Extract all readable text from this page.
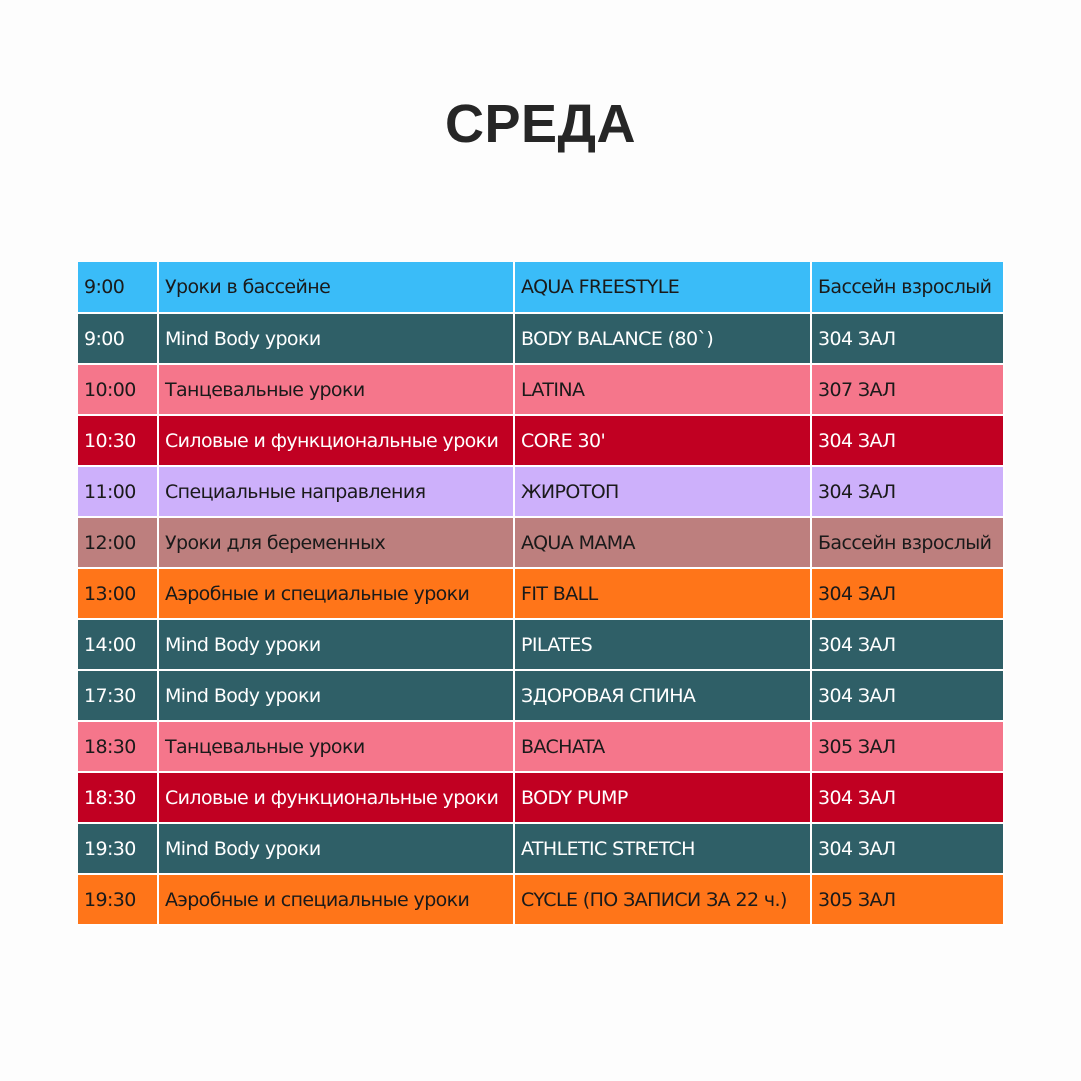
СРЕДА
9:00	Уроки в бассейне	AQUA FREESTYLE	Бассейн взрослый
9:00	Mind Body уроки	BODY BALANCE (80`)	304 ЗАЛ
10:00	Танцевальные уроки	LATINA	307 ЗАЛ
10:30	Силовые и функциональные уроки	CORE 30'	304 ЗАЛ
11:00	Специальные направления	ЖИРОТОП	304 ЗАЛ
12:00	Уроки для беременных	AQUA MAMA	Бассейн взрослый
13:00	Аэробные и специальные уроки	FIT BALL	304 ЗАЛ
14:00	Mind Body уроки	PILATES	304 ЗАЛ
17:30	Mind Body уроки	ЗДОРОВАЯ СПИНА	304 ЗАЛ
18:30	Танцевальные уроки	BACHATA	305 ЗАЛ
18:30	Силовые и функциональные уроки	BODY PUMP	304 ЗАЛ
19:30	Mind Body уроки	ATHLETIC STRETCH	304 ЗАЛ
19:30	Аэробные и специальные уроки	CYCLE (ПО ЗАПИСИ ЗА 22 ч.)	305 ЗАЛ
